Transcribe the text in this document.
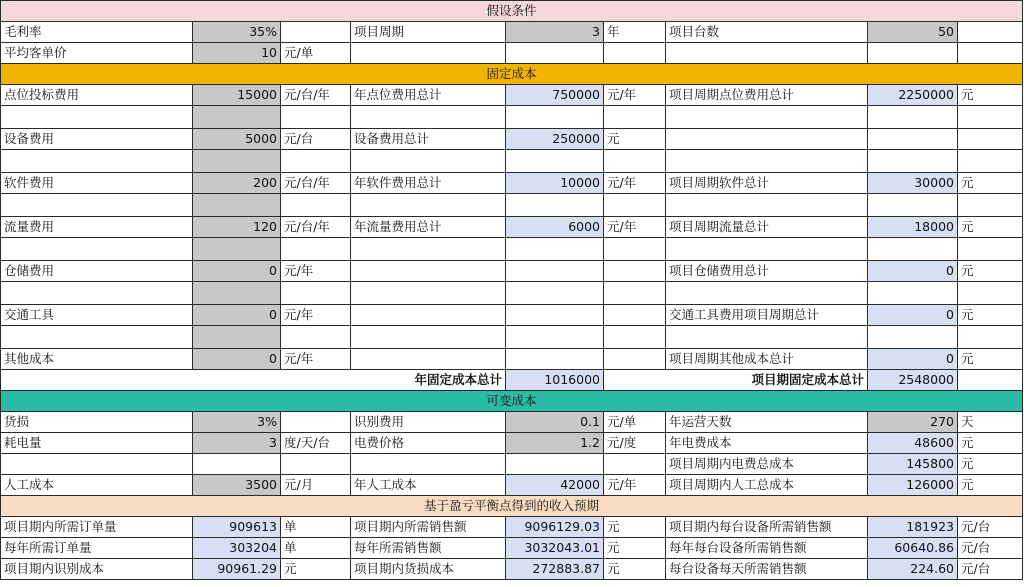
假设条件								
毛利率	35%		项目周期	3	年	项目台数	50	
平均客单价	10	元/单						
固定成本								
点位投标费用	15000	元/台/年	年点位费用总计	750000	元/年	项目周期点位费用总计	2250000	元

设备费用	5000	元/台	设备费用总计	250000	元			

软件费用	200	元/台/年	年软件费用总计	10000	元/年	项目周期软件总计	30000	元

流量费用	120	元/台/年	年流量费用总计	6000	元/年	项目周期流量总计	18000	元

仓储费用	0	元/年				项目仓储费用总计	0	元

交通工具	0	元/年				交通工具费用项目周期总计	0	元

其他成本	0	元/年				项目周期其他成本总计	0	元
年固定成本总计				1016000	项目期固定成本总计		2548000	
可变成本								
货损	3%		识别费用	0.1	元/单	年运营天数	270	天
耗电量	3	度/天/台	电费价格	1.2	元/度	年电费成本	48600	元
						项目周期内电费总成本	145800	元
人工成本	3500	元/月	年人工成本	42000	元/年	项目周期内人工总成本	126000	元
基于盈亏平衡点得到的收入预期								
项目期内所需订单量	909613	单	项目期内所需销售额	9096129.03	元	项目期内每台设备所需销售额	181923	元/台
每年所需订单量	303204	单	每年所需销售额	3032043.01	元	每年每台设备所需销售额	60640.86	元/台
项目期内识别成本	90961.29	元	项目期内货损成本	272883.87	元	每台设备每天所需销售额	224.60	元/台
